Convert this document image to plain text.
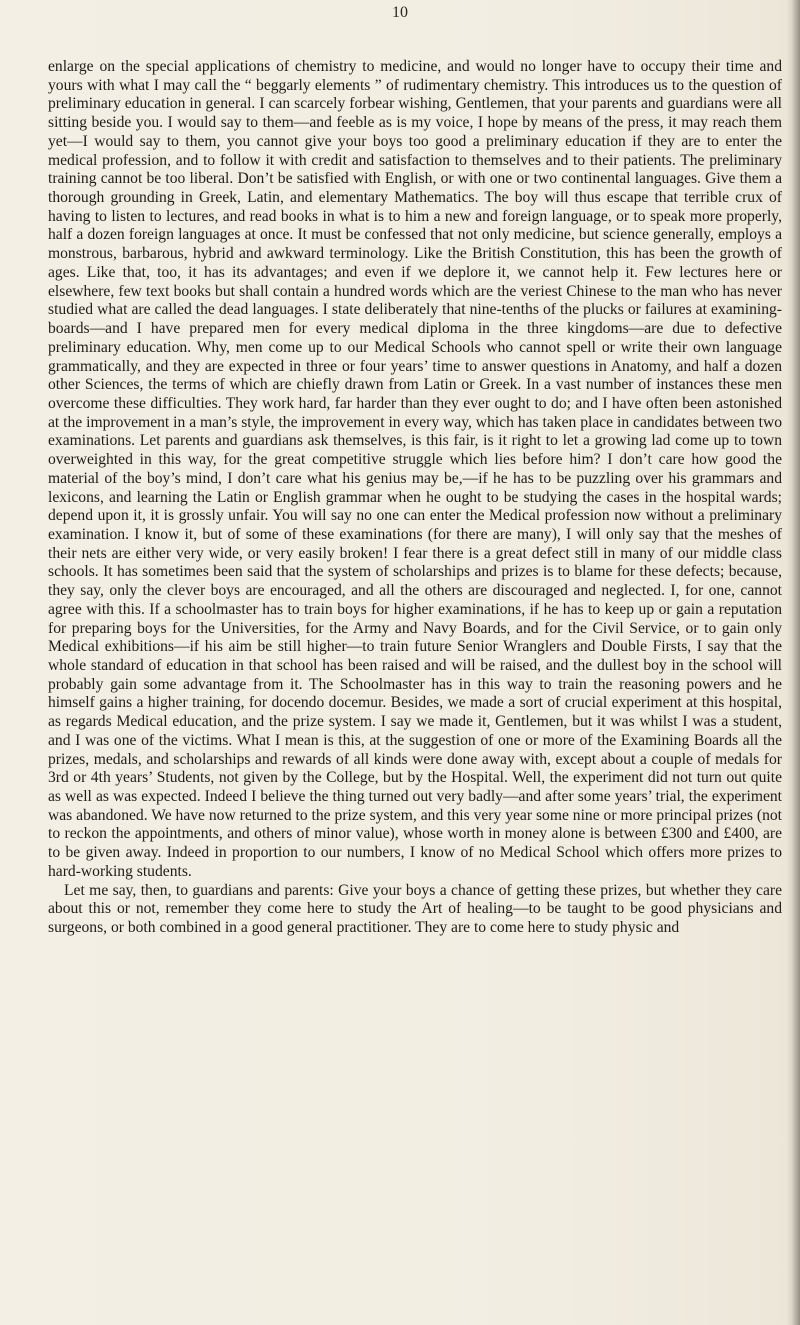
10

enlarge on the special applications of chemistry to medicine, and would no longer have to occupy their time and yours with what I may call the “ beggarly elements ” of rudimentary chemistry. This introduces us to the question of preliminary education in general. I can scarcely forbear wishing, Gentlemen, that your parents and guardians were all sitting beside you. I would say to them—and feeble as is my voice, I hope by means of the press, it may reach them yet—I would say to them, you cannot give your boys too good a preliminary education if they are to enter the medical profession, and to follow it with credit and satisfaction to themselves and to their patients. The preliminary training cannot be too liberal. Don’t be satisfied with English, or with one or two continental languages. Give them a thorough grounding in Greek, Latin, and elementary Mathematics. The boy will thus escape that terrible crux of having to listen to lectures, and read books in what is to him a new and foreign language, or to speak more properly, half a dozen foreign languages at once. It must be confessed that not only medicine, but science generally, employs a monstrous, barbarous, hybrid and awkward terminology. Like the British Constitution, this has been the growth of ages. Like that, too, it has its advantages; and even if we deplore it, we cannot help it. Few lectures here or elsewhere, few text books but shall contain a hundred words which are the veriest Chinese to the man who has never studied what are called the dead languages. I state deliberately that nine-tenths of the plucks or failures at examining-boards—and I have prepared men for every medical diploma in the three kingdoms—are due to defective preliminary education. Why, men come up to our Medical Schools who cannot spell or write their own language grammatically, and they are expected in three or four years’ time to answer questions in Anatomy, and half a dozen other Sciences, the terms of which are chiefly drawn from Latin or Greek. In a vast number of instances these men overcome these difficulties. They work hard, far harder than they ever ought to do; and I have often been astonished at the improvement in a man’s style, the improvement in every way, which has taken place in candidates between two examinations. Let parents and guardians ask themselves, is this fair, is it right to let a growing lad come up to town overweighted in this way, for the great competitive struggle which lies before him? I don’t care how good the material of the boy’s mind, I don’t care what his genius may be,—if he has to be puzzling over his grammars and lexicons, and learning the Latin or English grammar when he ought to be studying the cases in the hospital wards; depend upon it, it is grossly unfair. You will say no one can enter the Medical profession now without a preliminary examination. I know it, but of some of these examinations (for there are many), I will only say that the meshes of their nets are either very wide, or very easily broken! I fear there is a great defect still in many of our middle class schools. It has sometimes been said that the system of scholarships and prizes is to blame for these defects; because, they say, only the clever boys are encouraged, and all the others are discouraged and neglected. I, for one, cannot agree with this. If a schoolmaster has to train boys for higher examinations, if he has to keep up or gain a reputation for preparing boys for the Universities, for the Army and Navy Boards, and for the Civil Service, or to gain only Medical exhibitions—if his aim be still higher—to train future Senior Wranglers and Double Firsts, I say that the whole standard of education in that school has been raised and will be raised, and the dullest boy in the school will probably gain some advantage from it. The Schoolmaster has in this way to train the reasoning powers and he himself gains a higher training, for docendo docemur. Besides, we made a sort of crucial experiment at this hospital, as regards Medical education, and the prize system. I say we made it, Gentlemen, but it was whilst I was a student, and I was one of the victims. What I mean is this, at the suggestion of one or more of the Examining Boards all the prizes, medals, and scholarships and rewards of all kinds were done away with, except about a couple of medals for 3rd or 4th years’ Students, not given by the College, but by the Hospital. Well, the experiment did not turn out quite as well as was expected. Indeed I believe the thing turned out very badly—and after some years’ trial, the experiment was abandoned. We have now returned to the prize system, and this very year some nine or more principal prizes (not to reckon the appointments, and others of minor value), whose worth in money alone is between £300 and £400, are to be given away. Indeed in proportion to our numbers, I know of no Medical School which offers more prizes to hard-working students.

Let me say, then, to guardians and parents: Give your boys a chance of getting these prizes, but whether they care about this or not, remember they come here to study the Art of healing—to be taught to be good physicians and surgeons, or both combined in a good general practitioner. They are to come here to study physic and
